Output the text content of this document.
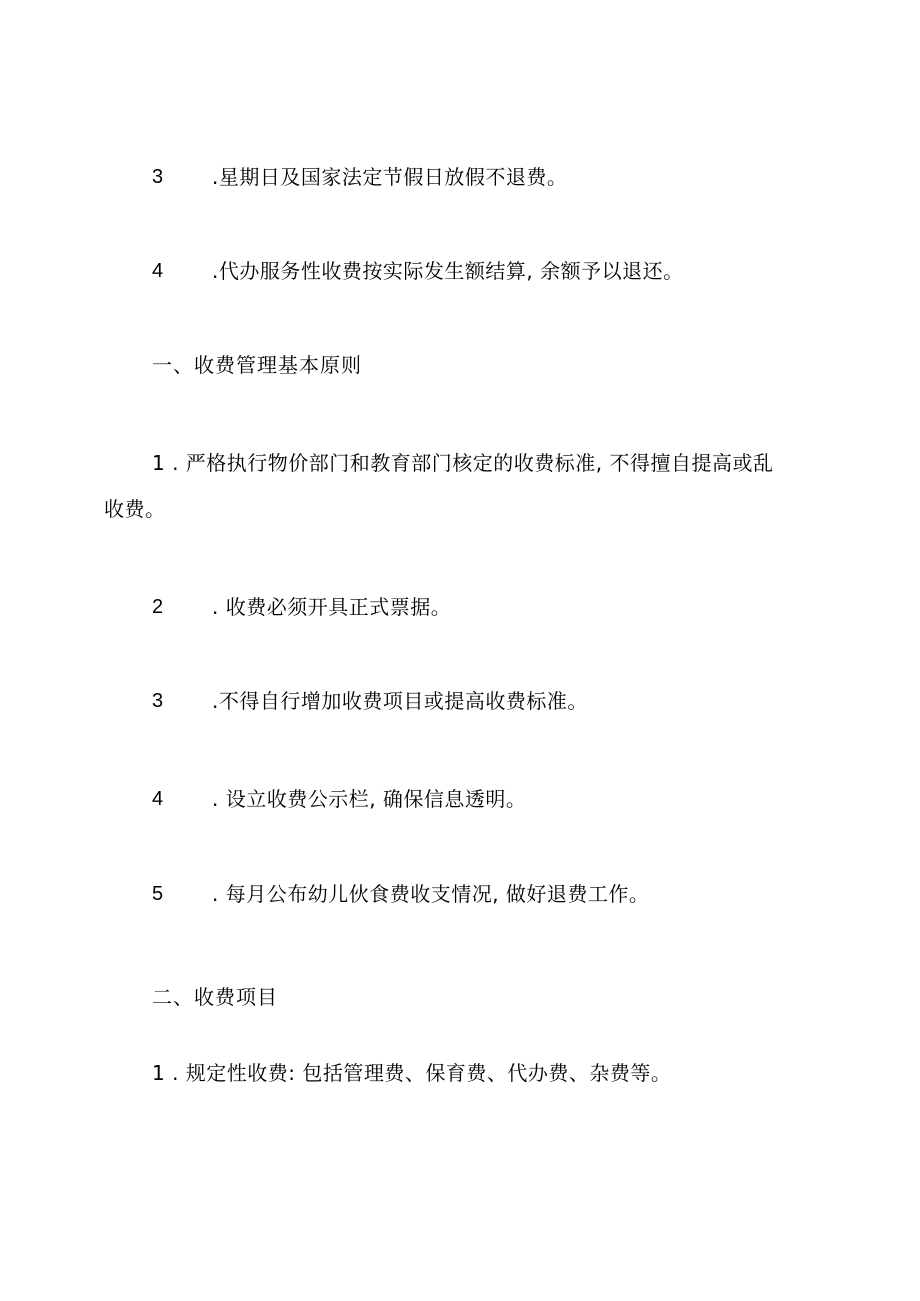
3 .星期日及国家法定节假日放假不退费。
4 .代办服务性收费按实际发生额结算, 余额予以退还。
一、收费管理基本原则
1 . 严格执行物价部门和教育部门核定的收费标准, 不得擅自提高或乱
收费。
2 . 收费必须开具正式票据。
3 .不得自行增加收费项目或提高收费标准。
4 . 设立收费公示栏, 确保信息透明。
5 . 每月公布幼儿伙食费收支情况, 做好退费工作。
二、收费项目
1 . 规定性收费: 包括管理费、保育费、代办费、杂费等。
